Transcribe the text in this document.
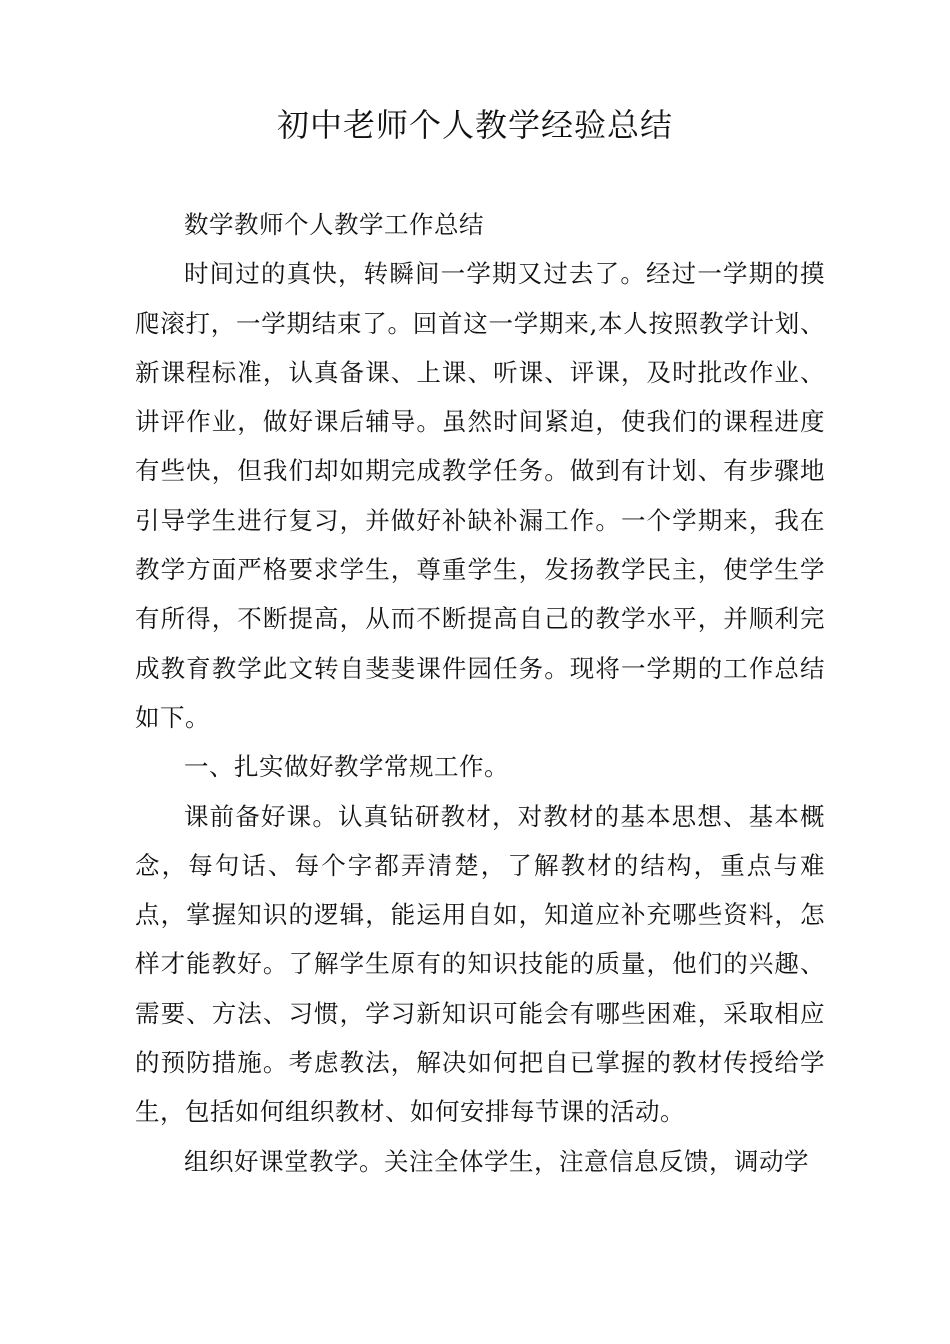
初中老师个人教学经验总结

数学教师个人教学工作总结

时间过的真快，转瞬间一学期又过去了。经过一学期的摸爬滚打，一学期结束了。回首这一学期来,本人按照教学计划、新课程标准，认真备课、上课、听课、评课，及时批改作业、讲评作业，做好课后辅导。虽然时间紧迫，使我们的课程进度有些快，但我们却如期完成教学任务。做到有计划、有步骤地引导学生进行复习，并做好补缺补漏工作。一个学期来，我在教学方面严格要求学生，尊重学生，发扬教学民主，使学生学有所得，不断提高，从而不断提高自己的教学水平，并顺利完成教育教学此文转自斐斐课件园任务。现将一学期的工作总结如下。

一、扎实做好教学常规工作。

课前备好课。认真钻研教材，对教材的基本思想、基本概念，每句话、每个字都弄清楚，了解教材的结构，重点与难点，掌握知识的逻辑，能运用自如，知道应补充哪些资料，怎样才能教好。了解学生原有的知识技能的质量，他们的兴趣、需要、方法、习惯，学习新知识可能会有哪些困难，采取相应的预防措施。考虑教法，解决如何把自已掌握的教材传授给学生，包括如何组织教材、如何安排每节课的活动。

组织好课堂教学。关注全体学生，注意信息反馈，调动学
